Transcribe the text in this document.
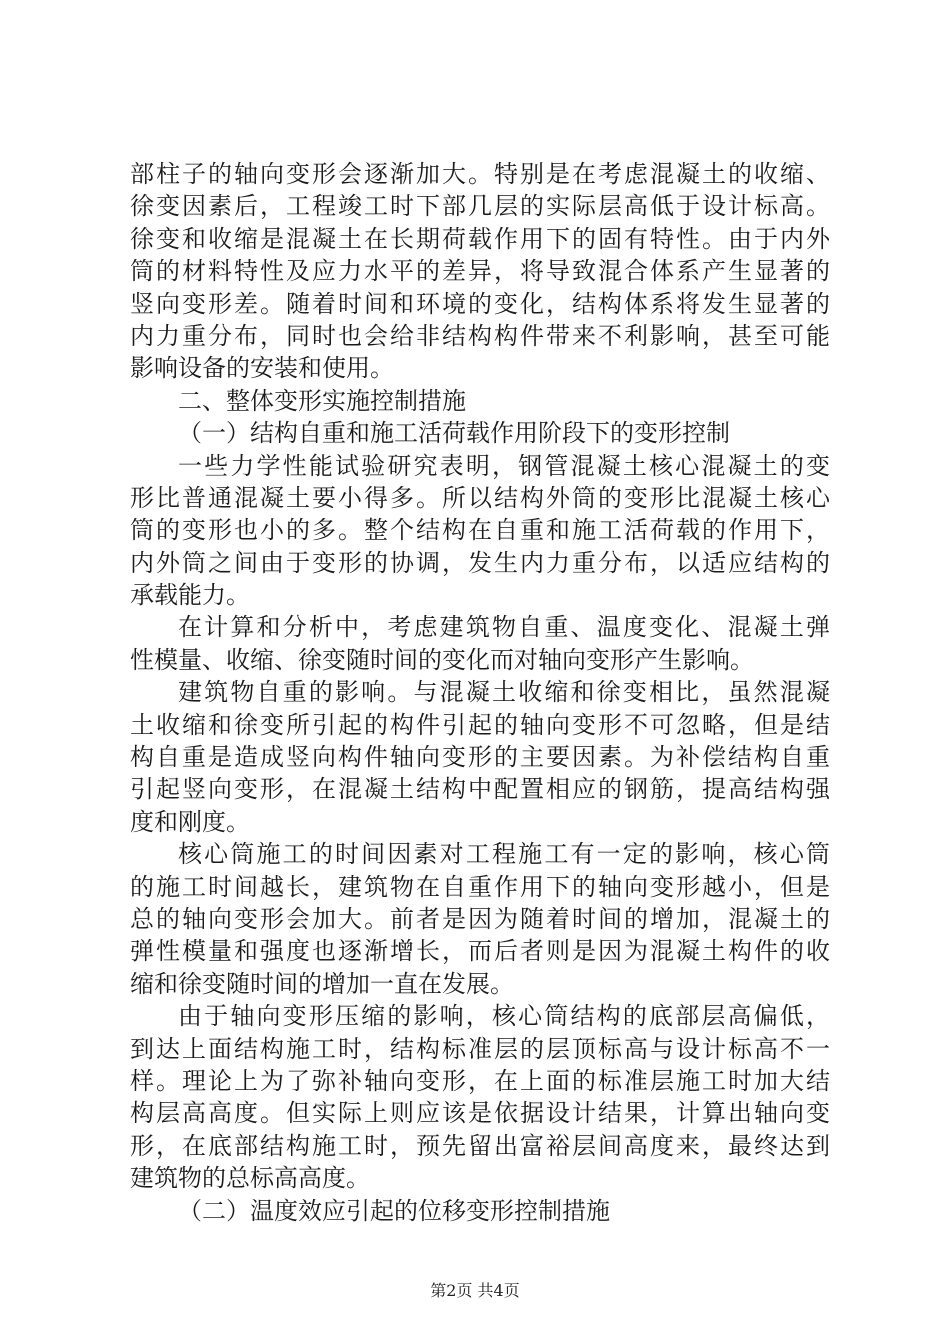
部柱子的轴向变形会逐渐加大。特别是在考虑混凝土的收缩、
徐变因素后，工程竣工时下部几层的实际层高低于设计标高。
徐变和收缩是混凝土在长期荷载作用下的固有特性。由于内外
筒的材料特性及应力水平的差异，将导致混合体系产生显著的
竖向变形差。随着时间和环境的变化，结构体系将发生显著的
内力重分布，同时也会给非结构构件带来不利影响，甚至可能
影响设备的安装和使用。
二、整体变形实施控制措施
（一）结构自重和施工活荷载作用阶段下的变形控制
一些力学性能试验研究表明，钢管混凝土核心混凝土的变
形比普通混凝土要小得多。所以结构外筒的变形比混凝土核心
筒的变形也小的多。整个结构在自重和施工活荷载的作用下，
内外筒之间由于变形的协调，发生内力重分布，以适应结构的
承载能力。
在计算和分析中，考虑建筑物自重、温度变化、混凝土弹
性模量、收缩、徐变随时间的变化而对轴向变形产生影响。
建筑物自重的影响。与混凝土收缩和徐变相比，虽然混凝
土收缩和徐变所引起的构件引起的轴向变形不可忽略，但是结
构自重是造成竖向构件轴向变形的主要因素。为补偿结构自重
引起竖向变形，在混凝土结构中配置相应的钢筋，提高结构强
度和刚度。
核心筒施工的时间因素对工程施工有一定的影响，核心筒
的施工时间越长，建筑物在自重作用下的轴向变形越小，但是
总的轴向变形会加大。前者是因为随着时间的增加，混凝土的
弹性模量和强度也逐渐增长，而后者则是因为混凝土构件的收
缩和徐变随时间的增加一直在发展。
由于轴向变形压缩的影响，核心筒结构的底部层高偏低，
到达上面结构施工时，结构标准层的层顶标高与设计标高不一
样。理论上为了弥补轴向变形，在上面的标准层施工时加大结
构层高高度。但实际上则应该是依据设计结果，计算出轴向变
形，在底部结构施工时，预先留出富裕层间高度来，最终达到
建筑物的总标高高度。
（二）温度效应引起的位移变形控制措施
第2页 共4页
